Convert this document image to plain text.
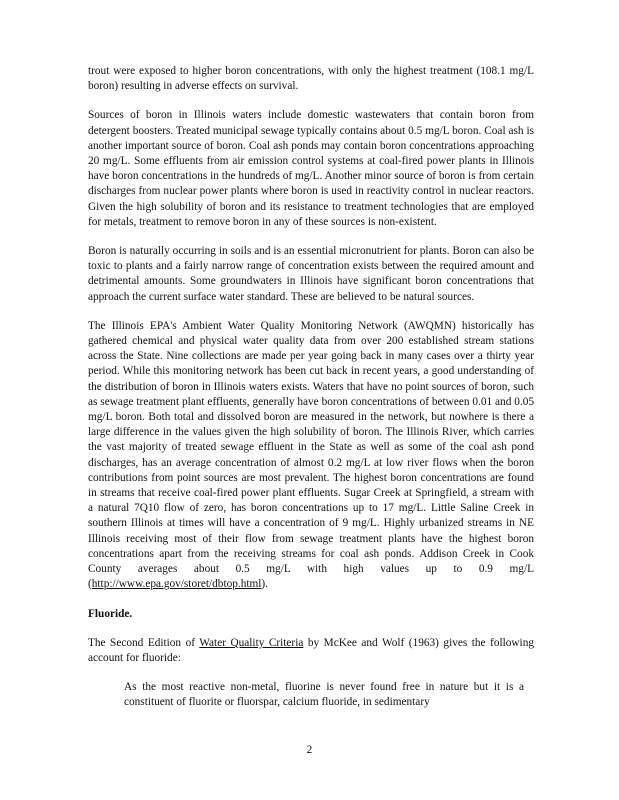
trout were exposed to higher boron concentrations, with only the highest treatment (108.1 mg/L boron) resulting in adverse effects on survival.

Sources of boron in Illinois waters include domestic wastewaters that contain boron from detergent boosters. Treated municipal sewage typically contains about 0.5 mg/L boron. Coal ash is another important source of boron. Coal ash ponds may contain boron concentrations approaching 20 mg/L. Some effluents from air emission control systems at coal-fired power plants in Illinois have boron concentrations in the hundreds of mg/L. Another minor source of boron is from certain discharges from nuclear power plants where boron is used in reactivity control in nuclear reactors. Given the high solubility of boron and its resistance to treatment technologies that are employed for metals, treatment to remove boron in any of these sources is non-existent.

Boron is naturally occurring in soils and is an essential micronutrient for plants. Boron can also be toxic to plants and a fairly narrow range of concentration exists between the required amount and detrimental amounts. Some groundwaters in Illinois have significant boron concentrations that approach the current surface water standard. These are believed to be natural sources.

The Illinois EPA's Ambient Water Quality Monitoring Network (AWQMN) historically has gathered chemical and physical water quality data from over 200 established stream stations across the State. Nine collections are made per year going back in many cases over a thirty year period. While this monitoring network has been cut back in recent years, a good understanding of the distribution of boron in Illinois waters exists. Waters that have no point sources of boron, such as sewage treatment plant effluents, generally have boron concentrations of between 0.01 and 0.05 mg/L boron. Both total and dissolved boron are measured in the network, but nowhere is there a large difference in the values given the high solubility of boron. The Illinois River, which carries the vast majority of treated sewage effluent in the State as well as some of the coal ash pond discharges, has an average concentration of almost 0.2 mg/L at low river flows when the boron contributions from point sources are most prevalent. The highest boron concentrations are found in streams that receive coal-fired power plant effluents. Sugar Creek at Springfield, a stream with a natural 7Q10 flow of zero, has boron concentrations up to 17 mg/L. Little Saline Creek in southern Illinois at times will have a concentration of 9 mg/L. Highly urbanized streams in NE Illinois receiving most of their flow from sewage treatment plants have the highest boron concentrations apart from the receiving streams for coal ash ponds. Addison Creek in Cook County averages about 0.5 mg/L with high values up to 0.9 mg/L (http://www.epa.gov/storet/dbtop.html).

Fluoride.

The Second Edition of Water Quality Criteria by McKee and Wolf (1963) gives the following account for fluoride:

As the most reactive non-metal, fluorine is never found free in nature but it is a constituent of fluorite or fluorspar, calcium fluoride, in sedimentary

2
